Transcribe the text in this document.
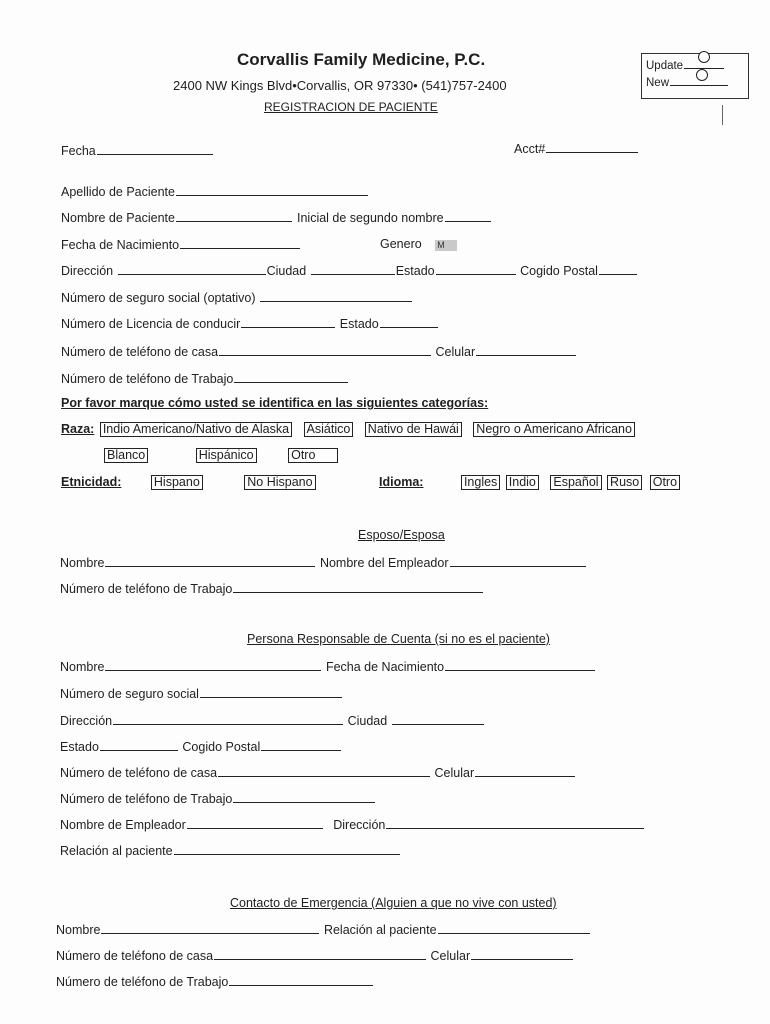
Corvallis Family Medicine, P.C.
2400 NW Kings Blvd•Corvallis, OR 97330• (541)757-2400
REGISTRACION DE PACIENTE
Update
New
Fecha	Acct#
Apellido de Paciente
Nombre de Paciente	Inicial de segundo nombre
Fecha de Nacimiento	Genero M
Dirección	Ciudad	Estado	Cogido Postal
Número de seguro social (optativo)
Número de Licencia de conducir	Estado
Número de teléfono de casa	Celular
Número de teléfono de Trabajo
Por favor marque cómo usted se identifica en las siguientes categorías:
Raza: Indio Americano/Nativo de Alaska Asiático Nativo de Hawái Negro o Americano Africano
Blanco	Hispánico	Otro
Etnicidad:	Hispano	No Hispano	Idioma:	Ingles Indio Español Ruso Otro
Esposo/Esposa
Nombre	Nombre del Empleador
Número de teléfono de Trabajo
Persona Responsable de Cuenta (si no es el paciente)
Nombre	Fecha de Nacimiento
Número de seguro social
Dirección	Ciudad
Estado	Cogido Postal
Número de teléfono de casa	Celular
Número de teléfono de Trabajo
Nombre de Empleador	Dirección
Relación al paciente
Contacto de Emergencia (Alguien a que no vive con usted)
Nombre	Relación al paciente
Número de teléfono de casa	Celular
Número de teléfono de Trabajo
